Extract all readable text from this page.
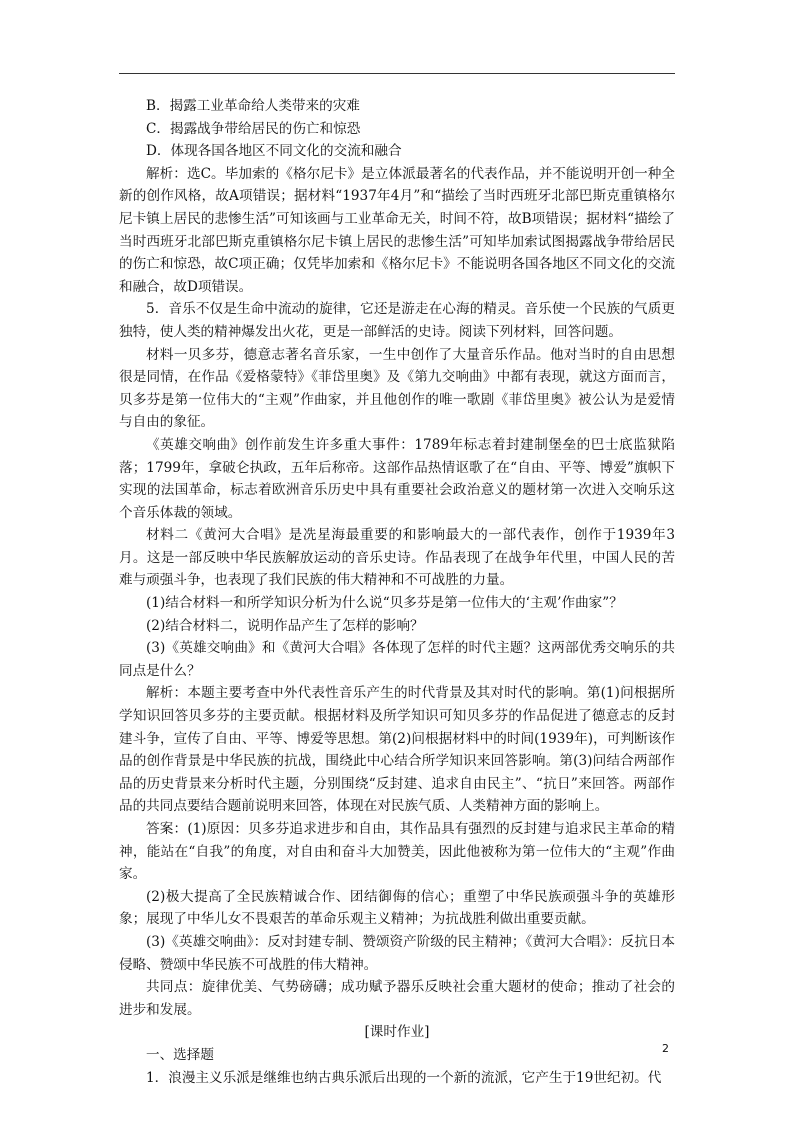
B．揭露工业革命给人类带来的灾难

C．揭露战争带给居民的伤亡和惊恐

D．体现各国各地区不同文化的交流和融合

解析：选C。毕加索的《格尔尼卡》是立体派最著名的代表作品，并不能说明开创一种全新的创作风格，故A项错误；据材料“1937年4月”和“描绘了当时西班牙北部巴斯克重镇格尔尼卡镇上居民的悲惨生活”可知该画与工业革命无关，时间不符，故B项错误；据材料“描绘了当时西班牙北部巴斯克重镇格尔尼卡镇上居民的悲惨生活”可知毕加索试图揭露战争带给居民的伤亡和惊恐，故C项正确；仅凭毕加索和《格尔尼卡》不能说明各国各地区不同文化的交流和融合，故D项错误。

5．音乐不仅是生命中流动的旋律，它还是游走在心海的精灵。音乐使一个民族的气质更独特，使人类的精神爆发出火花，更是一部鲜活的史诗。阅读下列材料，回答问题。

材料一贝多芬，德意志著名音乐家，一生中创作了大量音乐作品。他对当时的自由思想很是同情，在作品《爱格蒙特》《菲岱里奥》及《第九交响曲》中都有表现，就这方面而言，贝多芬是第一位伟大的“主观”作曲家，并且他创作的唯一歌剧《菲岱里奥》被公认为是爱情与自由的象征。

《英雄交响曲》创作前发生许多重大事件：1789年标志着封建制堡垒的巴士底监狱陷落；1799年，拿破仑执政，五年后称帝。这部作品热情讴歌了在“自由、平等、博爱”旗帜下实现的法国革命，标志着欧洲音乐历史中具有重要社会政治意义的题材第一次进入交响乐这个音乐体裁的领域。

材料二《黄河大合唱》是冼星海最重要的和影响最大的一部代表作，创作于1939年3月。这是一部反映中华民族解放运动的音乐史诗。作品表现了在战争年代里，中国人民的苦难与顽强斗争，也表现了我们民族的伟大精神和不可战胜的力量。

(1)结合材料一和所学知识分析为什么说“贝多芬是第一位伟大的‘主观’作曲家”？

(2)结合材料二，说明作品产生了怎样的影响？

(3)《英雄交响曲》和《黄河大合唱》各体现了怎样的时代主题？这两部优秀交响乐的共同点是什么？

解析：本题主要考查中外代表性音乐产生的时代背景及其对时代的影响。第(1)问根据所学知识回答贝多芬的主要贡献。根据材料及所学知识可知贝多芬的作品促进了德意志的反封建斗争，宣传了自由、平等、博爱等思想。第(2)问根据材料中的时间(1939年)，可判断该作品的创作背景是中华民族的抗战，围绕此中心结合所学知识来回答影响。第(3)问结合两部作品的历史背景来分析时代主题，分别围绕“反封建、追求自由民主”、“抗日”来回答。两部作品的共同点要结合题前说明来回答，体现在对民族气质、人类精神方面的影响上。

答案：(1)原因：贝多芬追求进步和自由，其作品具有强烈的反封建与追求民主革命的精神，能站在“自我”的角度，对自由和奋斗大加赞美，因此他被称为第一位伟大的“主观”作曲家。

(2)极大提高了全民族精诚合作、团结御侮的信心；重塑了中华民族顽强斗争的英雄形象；展现了中华儿女不畏艰苦的革命乐观主义精神；为抗战胜利做出重要贡献。

(3)《英雄交响曲》：反对封建专制、赞颂资产阶级的民主精神；《黄河大合唱》：反抗日本侵略、赞颂中华民族不可战胜的伟大精神。

共同点：旋律优美、气势磅礴；成功赋予器乐反映社会重大题材的使命；推动了社会的进步和发展。

[课时作业]

一、选择题

1．浪漫主义乐派是继维也纳古典乐派后出现的一个新的流派，它产生于19世纪初。代

2
